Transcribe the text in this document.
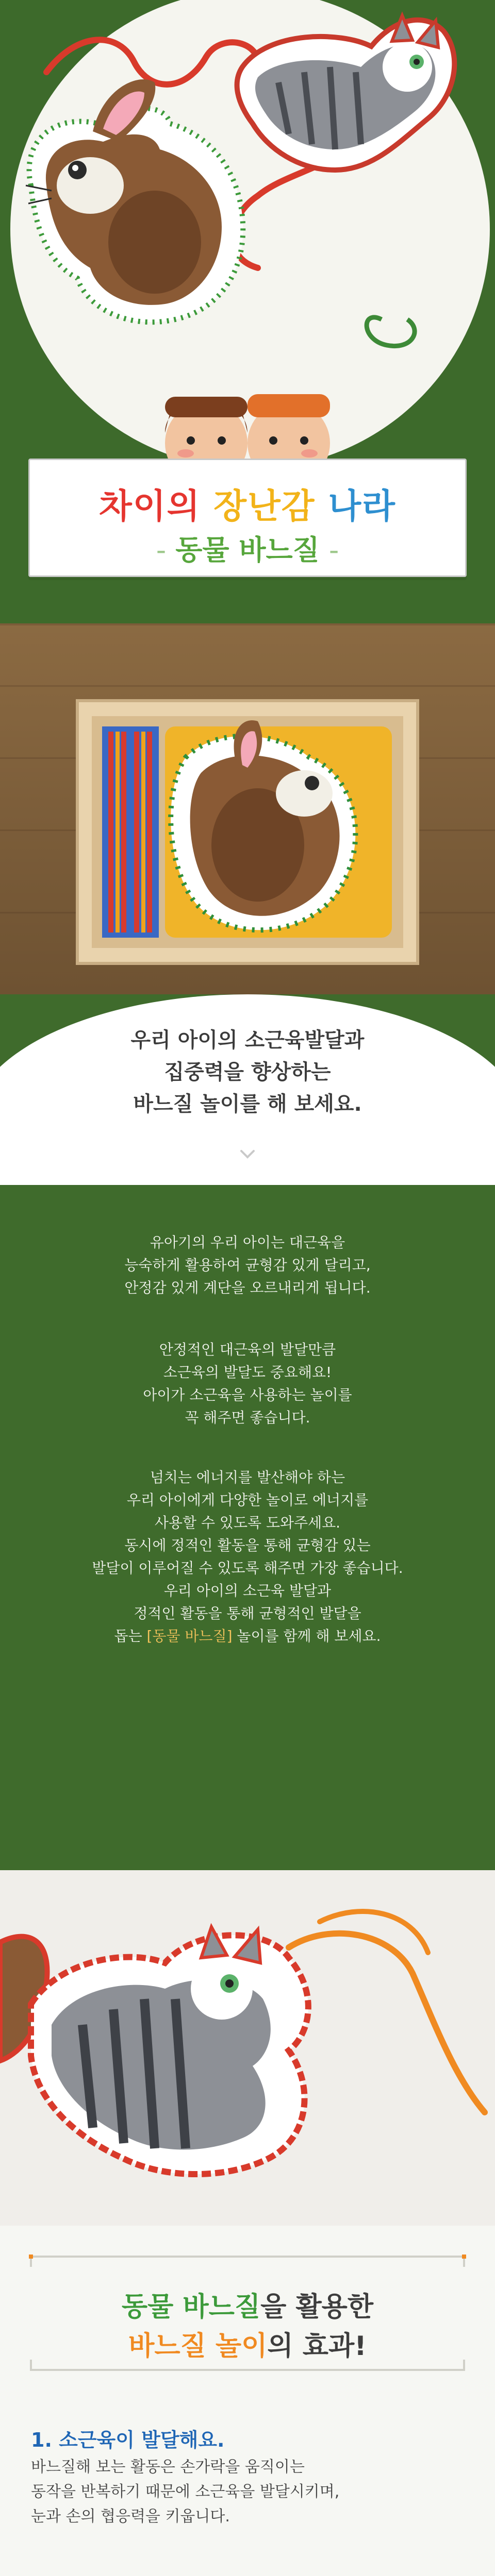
차이의 장난감 나라
- 동물 바느질 -
우리 아이의 소근육발달과
집중력을 향상하는
바느질 놀이를 해 보세요.
유아기의 우리 아이는 대근육을
능숙하게 활용하여 균형감 있게 달리고,
안정감 있게 계단을 오르내리게 됩니다.
안정적인 대근육의 발달만큼
소근육의 발달도 중요해요!
아이가 소근육을 사용하는 놀이를
꼭 해주면 좋습니다.
넘치는 에너지를 발산해야 하는
우리 아이에게 다양한 놀이로 에너지를
사용할 수 있도록 도와주세요.
동시에 정적인 활동을 통해 균형감 있는
발달이 이루어질 수 있도록 해주면 가장 좋습니다.
우리 아이의 소근육 발달과
정적인 활동을 통해 균형적인 발달을
돕는 [동물 바느질] 놀이를 함께 해 보세요.
동물 바느질을 활용한
바느질 놀이의 효과!
1. 소근육이 발달해요.
바느질해 보는 활동은 손가락을 움직이는
동작을 반복하기 때문에 소근육을 발달시키며,
눈과 손의 협응력을 키웁니다.
